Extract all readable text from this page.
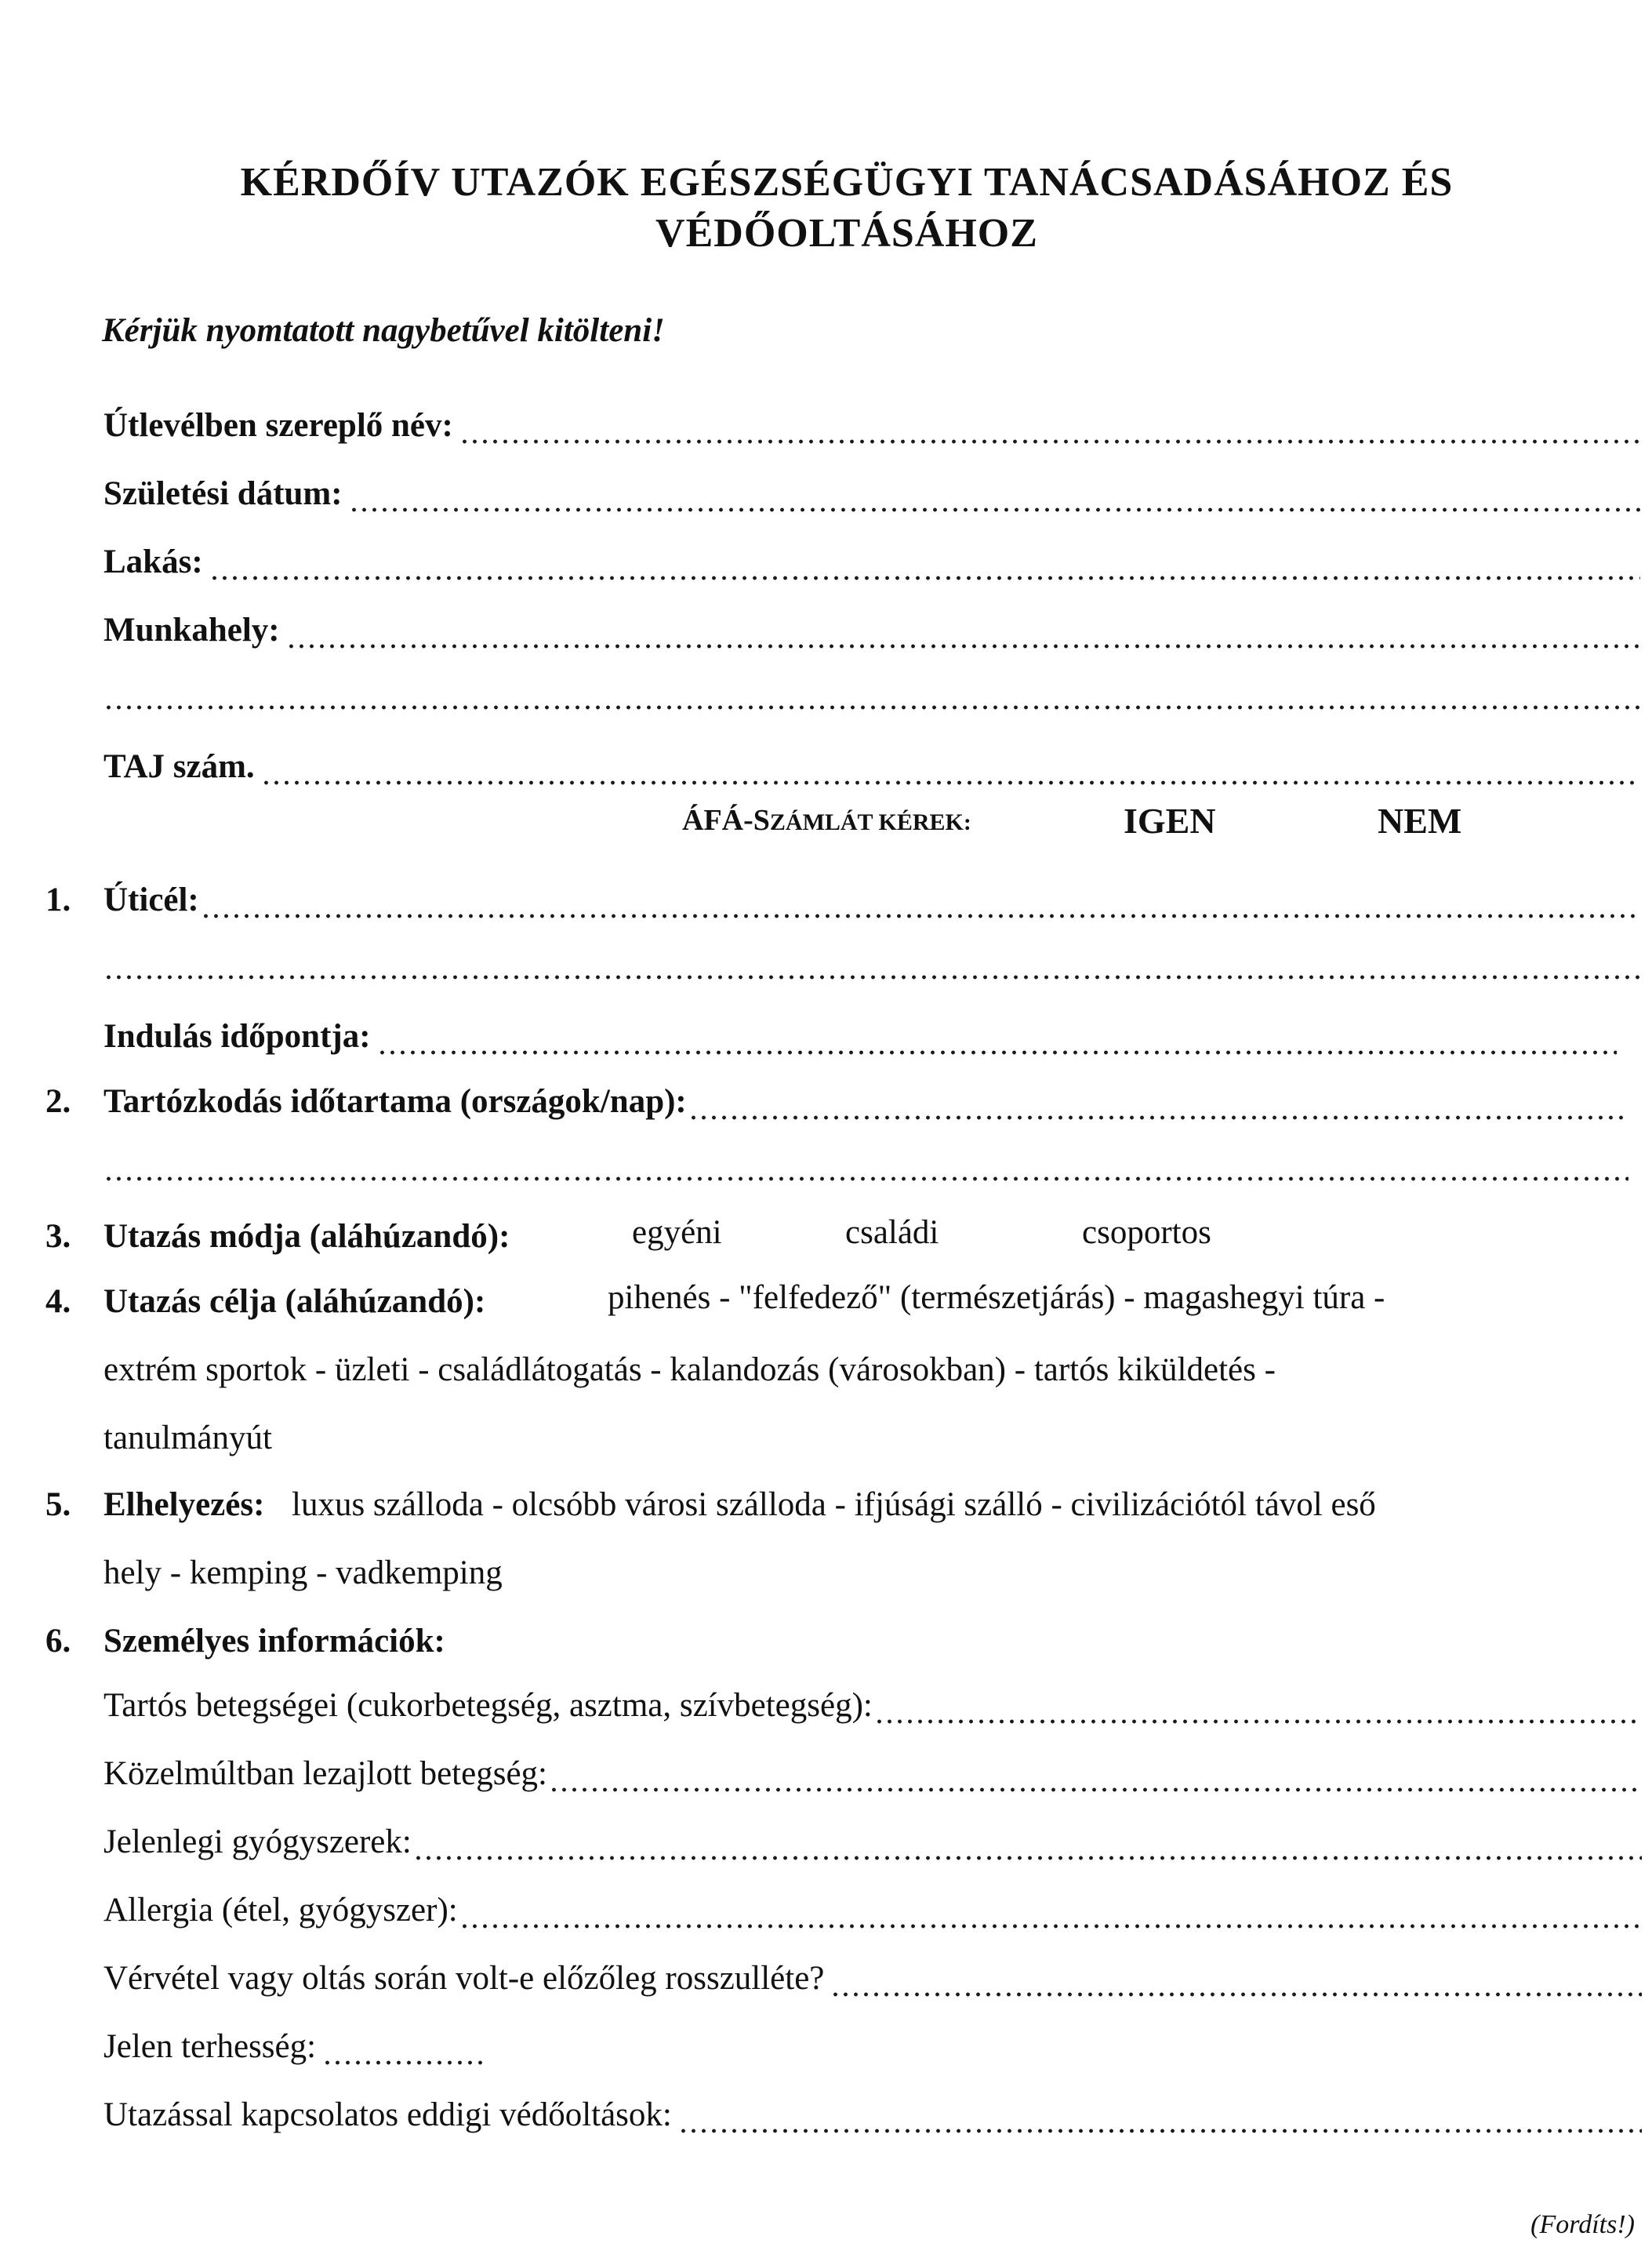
KÉRDŐÍV UTAZÓK EGÉSZSÉGÜGYI TANÁCSADÁSÁHOZ ÉS
VÉDŐOLTÁSÁHOZ
Kérjük nyomtatott nagybetűvel kitölteni!
Útlevélben szereplő név:
Születési dátum:
Lakás:
Munkahely:
TAJ szám.
ÁFÁ-S ZÁMLÁT KÉREK:	IGEN	NEM
1. Úticél:
Indulás időpontja:
2. Tartózkodás időtartama (országok/nap):
3. Utazás módja (aláhúzandó):	egyéni	családi	csoportos
4. Utazás célja (aláhúzandó):	pihenés - "felfedező" (természetjárás) - magashegyi túra -
extrém sportok - üzleti - családlátogatás - kalandozás (városokban) - tartós kiküldetés -
tanulmányút
5. Elhelyezés: luxus szálloda - olcsóbb városi szálloda - ifjúsági szálló - civilizációtól távol eső
hely - kemping - vadkemping
6. Személyes információk:
Tartós betegségei (cukorbetegség, asztma, szívbetegség):
Közelmúltban lezajlott betegség:
Jelenlegi gyógyszerek:
Allergia (étel, gyógyszer):
Vérvétel vagy oltás során volt-e előzőleg rosszulléte?
Jelen terhesség:
Utazással kapcsolatos eddigi védőoltások:
(Fordíts!)
